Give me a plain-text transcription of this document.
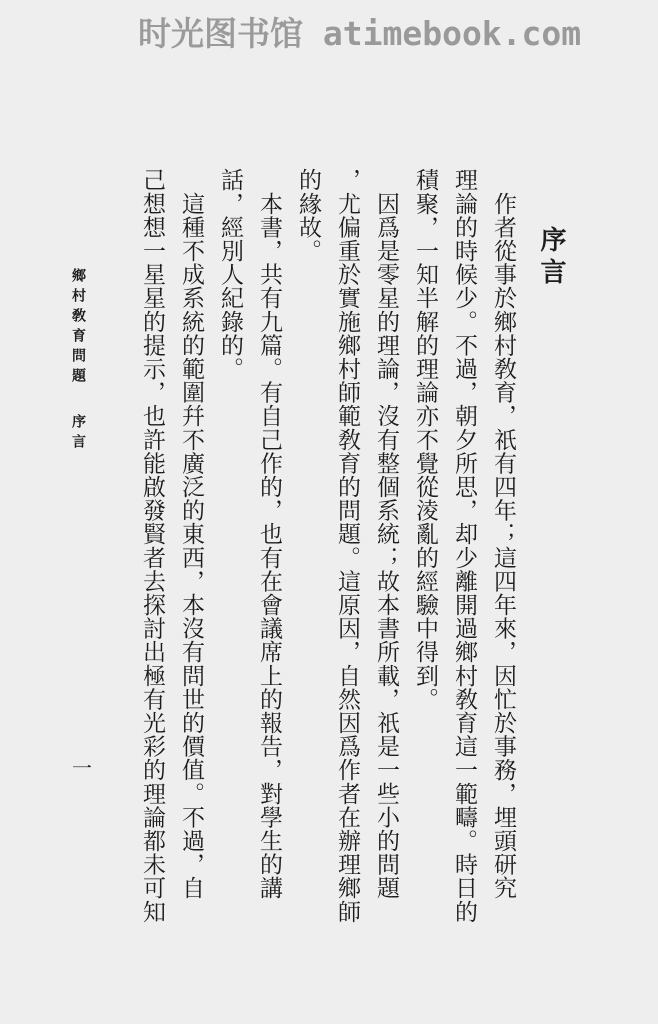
时光图书馆 atimebook.com
序言
　作者從事於鄉村敎育，祇有四年；這四年來，因忙於事務，埋頭研究
理論的時候少。不過，朝夕所思，却少離開過鄉村敎育這一範疇。時日的
積聚，一知半解的理論亦不覺從淩亂的經驗中得到。
　因爲是零星的理論，沒有整個系統；故本書所載，祇是一些小的問題
，尤偏重於實施鄉村師範敎育的問題。這原因，自然因爲作者在辦理鄉師
的緣故。
　本書，共有九篇。有自己作的，也有在會議席上的報告，對學生的講
話，經別人紀錄的。
　這種不成系統的範圍幷不廣泛的東西，本沒有問世的價值。不過，自
己想想一星星的提示，也許能啟發賢者去探討出極有光彩的理論都未可知
鄉村敎育問題序言
一
